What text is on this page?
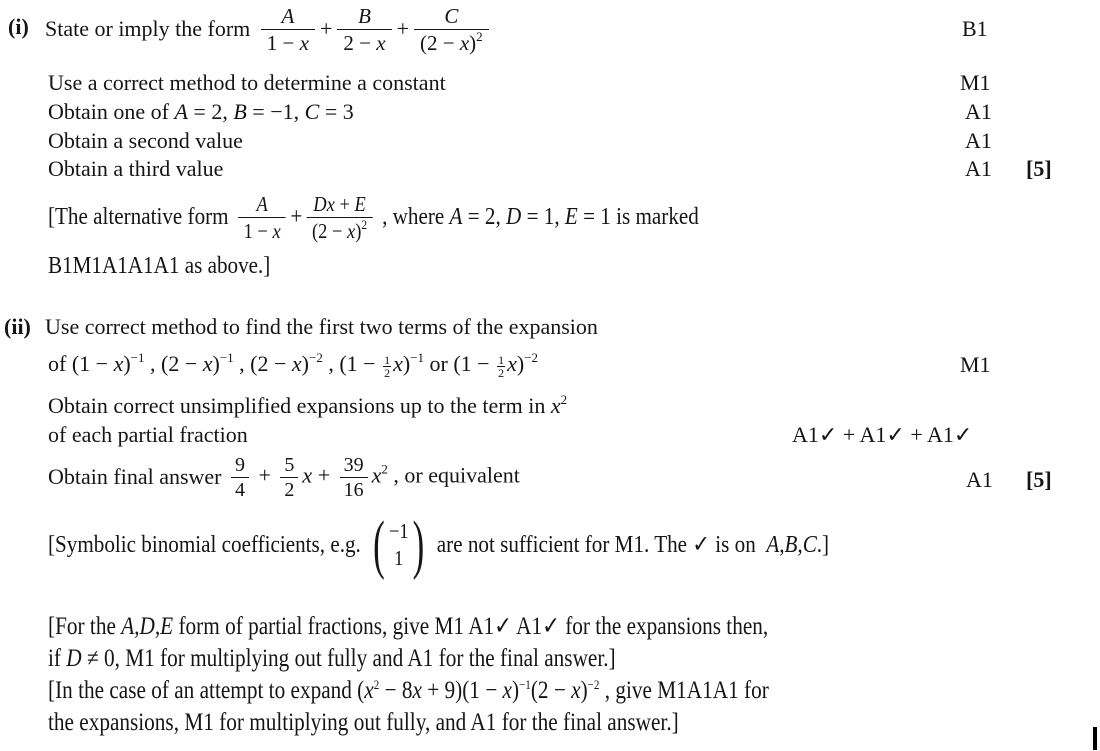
(i) State or imply the form $\frac{A}{1 - x} + \frac{B}{2 - x} + \frac{C}{(2 - x)^2}$	B1
Use a correct method to determine a constant	M1
Obtain one of A = 2, B = −1, C = 3	A1
Obtain a second value	A1
Obtain a third value	A1 [5]
[The alternative form $\frac{A}{1 - x} + \frac{Dx + E}{(2 - x)^2}$ , where A = 2, D = 1, E = 1 is marked
B1M1A1A1A1 as above.]
(ii) Use correct method to find the first two terms of the expansion
of $(1 - x)^{-1}$ , $(2 - x)^{-1}$ , $(2 - x)^{-2}$ , $(1 - \frac{1}{2} x)^{-1}$ or $(1 - \frac{1}{2} x)^{-2}$	M1
Obtain correct unsimplified expansions up to the term in $x^2$
of each partial fraction	A1✓ + A1✓ + A1✓
Obtain final answer $\frac{9}{4} + \frac{5}{2}$ $x + \frac{39}{16} x^2$ , or equivalent	A1 [5]
[Symbolic binomial coefficients, e.g. ( −1
1 ) are not sufficient for M1. The ✓ is on  A,B,C.]
[For the A,D,E form of partial fractions, give M1 A1✓ A1✓ for the expansions then,
if D ≠ 0, M1 for multiplying out fully and A1 for the final answer.]
[In the case of an attempt to expand $(x^2 - 8x + 9)(1 - x)^{-1}(2 - x)^{-2}$ , give M1A1A1 for
the expansions, M1 for multiplying out fully, and A1 for the final answer.]
